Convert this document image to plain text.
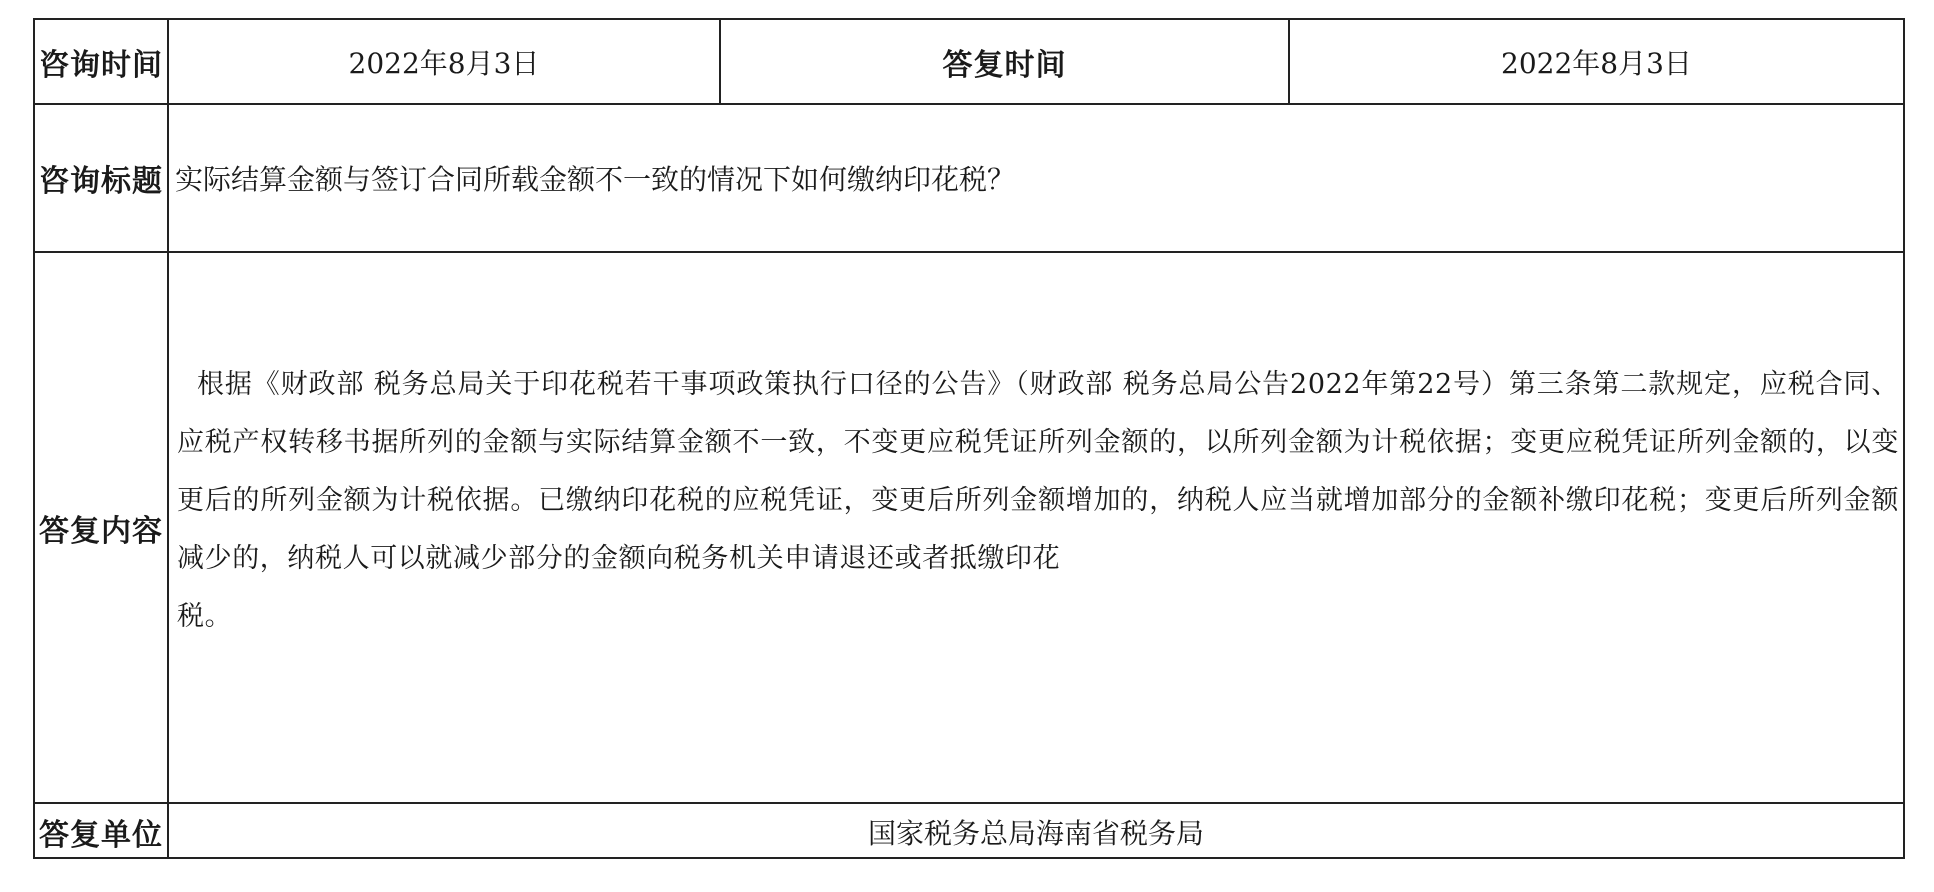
咨询时间	2022年8月3日	答复时间	2022年8月3日
咨询标题 实际结算金额与签订合同所载金额不一致的情况下如何缴纳印花税？
答复内容

根据《财政部 税务总局关于印花税若干事项政策执行口径的公告》（财政部 税务总局公告2022年第22号）第三条第二款规定，应税合同、应税产权转移书据所列的金额与实际结算金额不一致，不变更应税凭证所列金额的，以所列金额为计税依据；变更应税凭证所列金额的，以变更后的所列金额为计税依据。已缴纳印花税的应税凭证，变更后所列金额增加的，纳税人应当就增加部分的金额补缴印花税；变更后所列金额减少的，纳税人可以就减少部分的金额向税务机关申请退还或者抵缴印花

税。
答复单位	国家税务总局海南省税务局
